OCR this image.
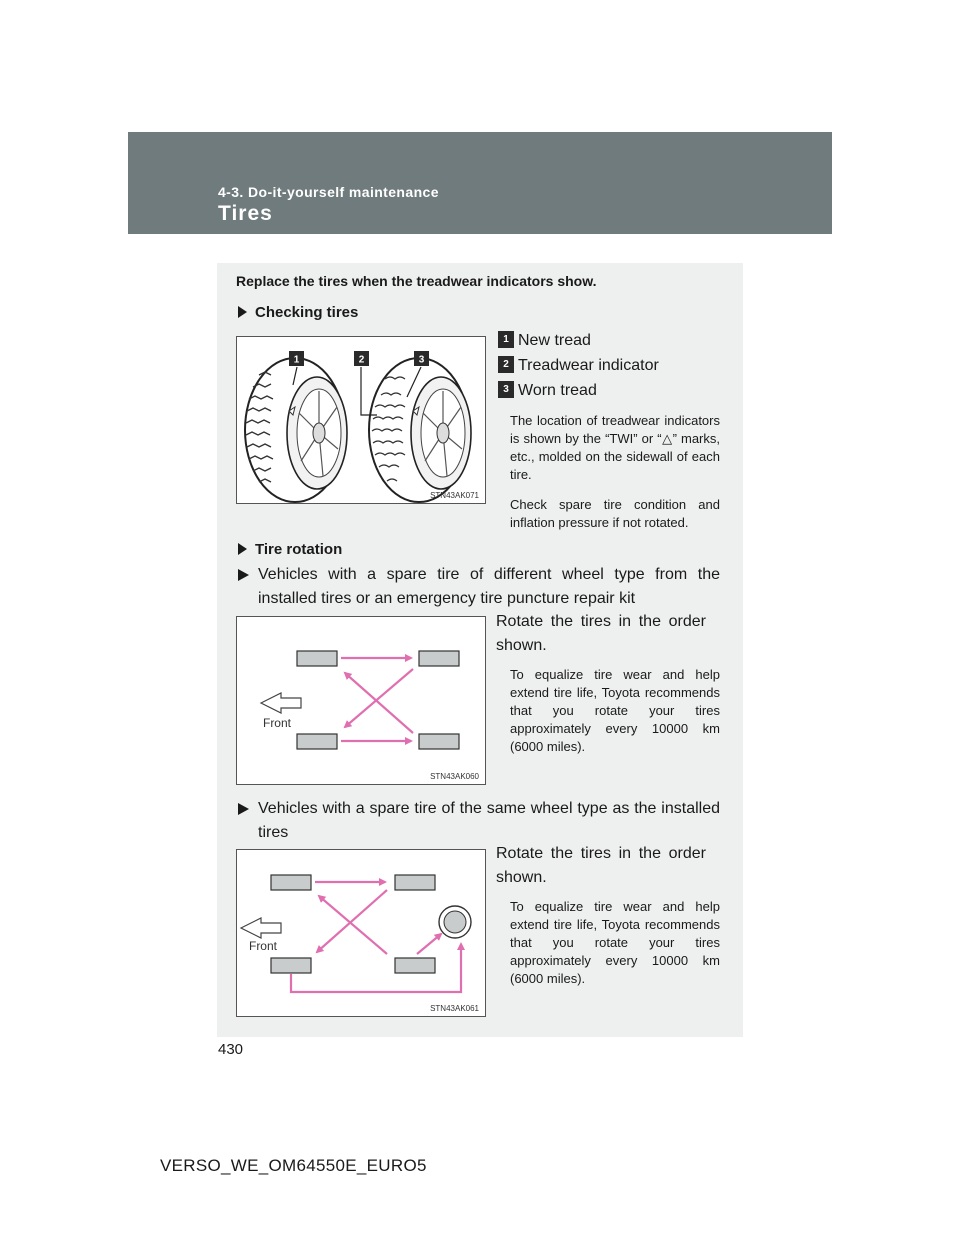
4-3. Do-it-yourself maintenance
Tires
Replace the tires when the treadwear indicators show.
Checking tires
1	2	3
STN43AK071
1 New tread
2 Treadwear indicator
3 Worn tread
The location of treadwear indicators is shown by the “TWI” or “△” marks, etc., molded on the sidewall of each tire.
Check spare tire condition and inflation pressure if not rotated.
Tire rotation
Vehicles with a spare tire of different wheel type from the installed tires or an emergency tire puncture repair kit
Front
STN43AK060
Rotate the tires in the order shown.
To equalize tire wear and help extend tire life, Toyota recommends that you rotate your tires approximately every 10000 km (6000 miles).
Vehicles with a spare tire of the same wheel type as the installed tires
Front
STN43AK061
Rotate the tires in the order shown.
To equalize tire wear and help extend tire life, Toyota recommends that you rotate your tires approximately every 10000 km (6000 miles).
430
VERSO_WE_OM64550E_EURO5
